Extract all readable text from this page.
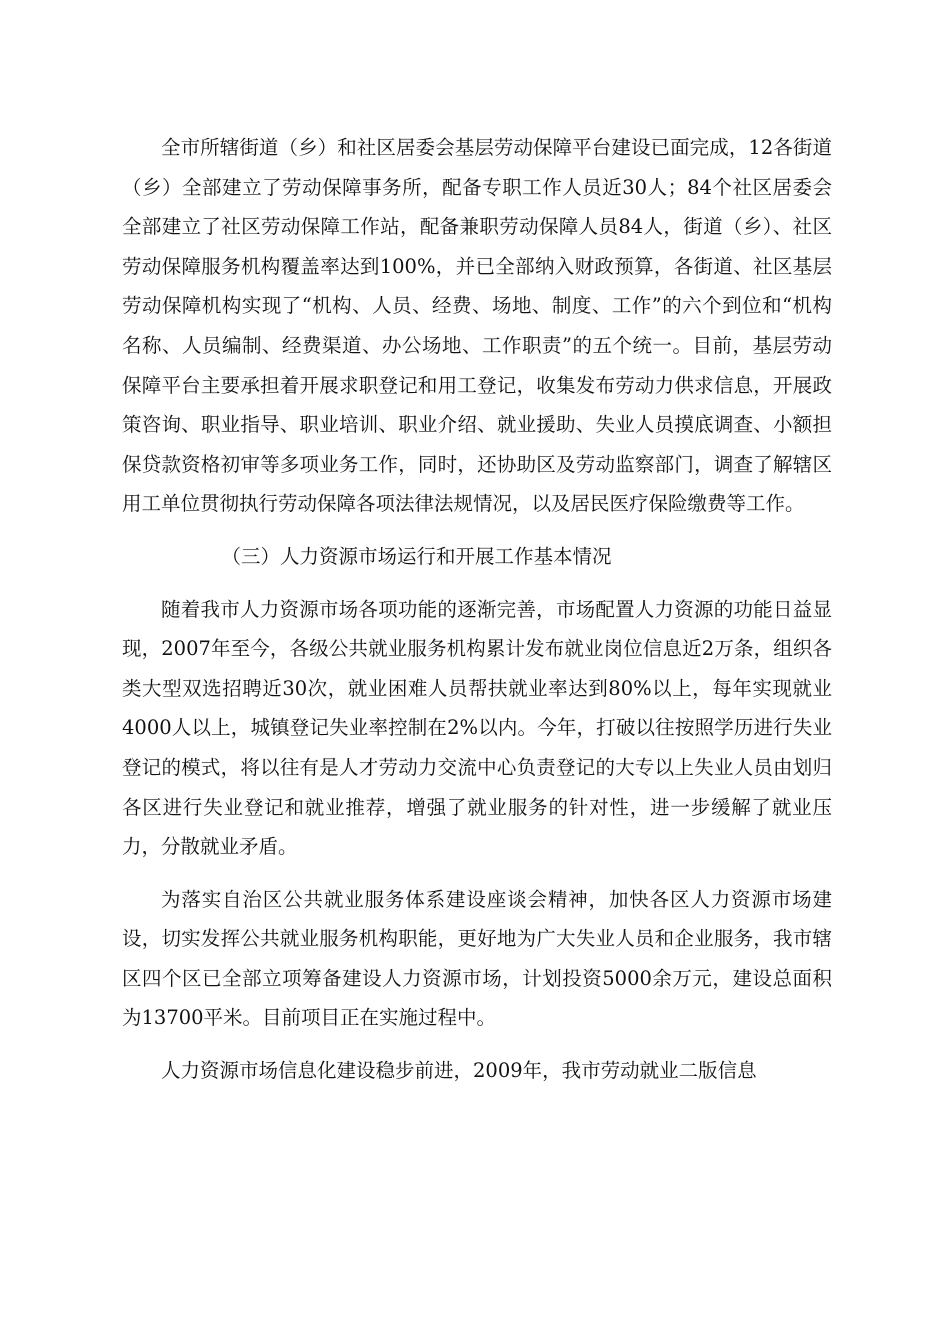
全市所辖街道（乡）和社区居委会基层劳动保障平台建设已面完成，12各街道（乡）全部建立了劳动保障事务所，配备专职工作人员近30人；84个社区居委会全部建立了社区劳动保障工作站，配备兼职劳动保障人员84人，街道（乡）、社区劳动保障服务机构覆盖率达到100%，并已全部纳入财政预算，各街道、社区基层劳动保障机构实现了“机构、人员、经费、场地、制度、工作”的六个到位和“机构名称、人员编制、经费渠道、办公场地、工作职责”的五个统一。目前，基层劳动保障平台主要承担着开展求职登记和用工登记，收集发布劳动力供求信息，开展政策咨询、职业指导、职业培训、职业介绍、就业援助、失业人员摸底调查、小额担保贷款资格初审等多项业务工作，同时，还协助区及劳动监察部门，调查了解辖区用工单位贯彻执行劳动保障各项法律法规情况，以及居民医疗保险缴费等工作。

（三）人力资源市场运行和开展工作基本情况

随着我市人力资源市场各项功能的逐渐完善，市场配置人力资源的功能日益显现，2007年至今，各级公共就业服务机构累计发布就业岗位信息近2万条，组织各类大型双选招聘近30次，就业困难人员帮扶就业率达到80%以上，每年实现就业4000人以上，城镇登记失业率控制在2%以内。今年，打破以往按照学历进行失业登记的模式，将以往有是人才劳动力交流中心负责登记的大专以上失业人员由划归各区进行失业登记和就业推荐，增强了就业服务的针对性，进一步缓解了就业压力，分散就业矛盾。

为落实自治区公共就业服务体系建设座谈会精神，加快各区人力资源市场建设，切实发挥公共就业服务机构职能，更好地为广大失业人员和企业服务，我市辖区四个区已全部立项筹备建设人力资源市场，计划投资5000余万元，建设总面积为13700平米。目前项目正在实施过程中。

人力资源市场信息化建设稳步前进，2009年，我市劳动就业二版信息
